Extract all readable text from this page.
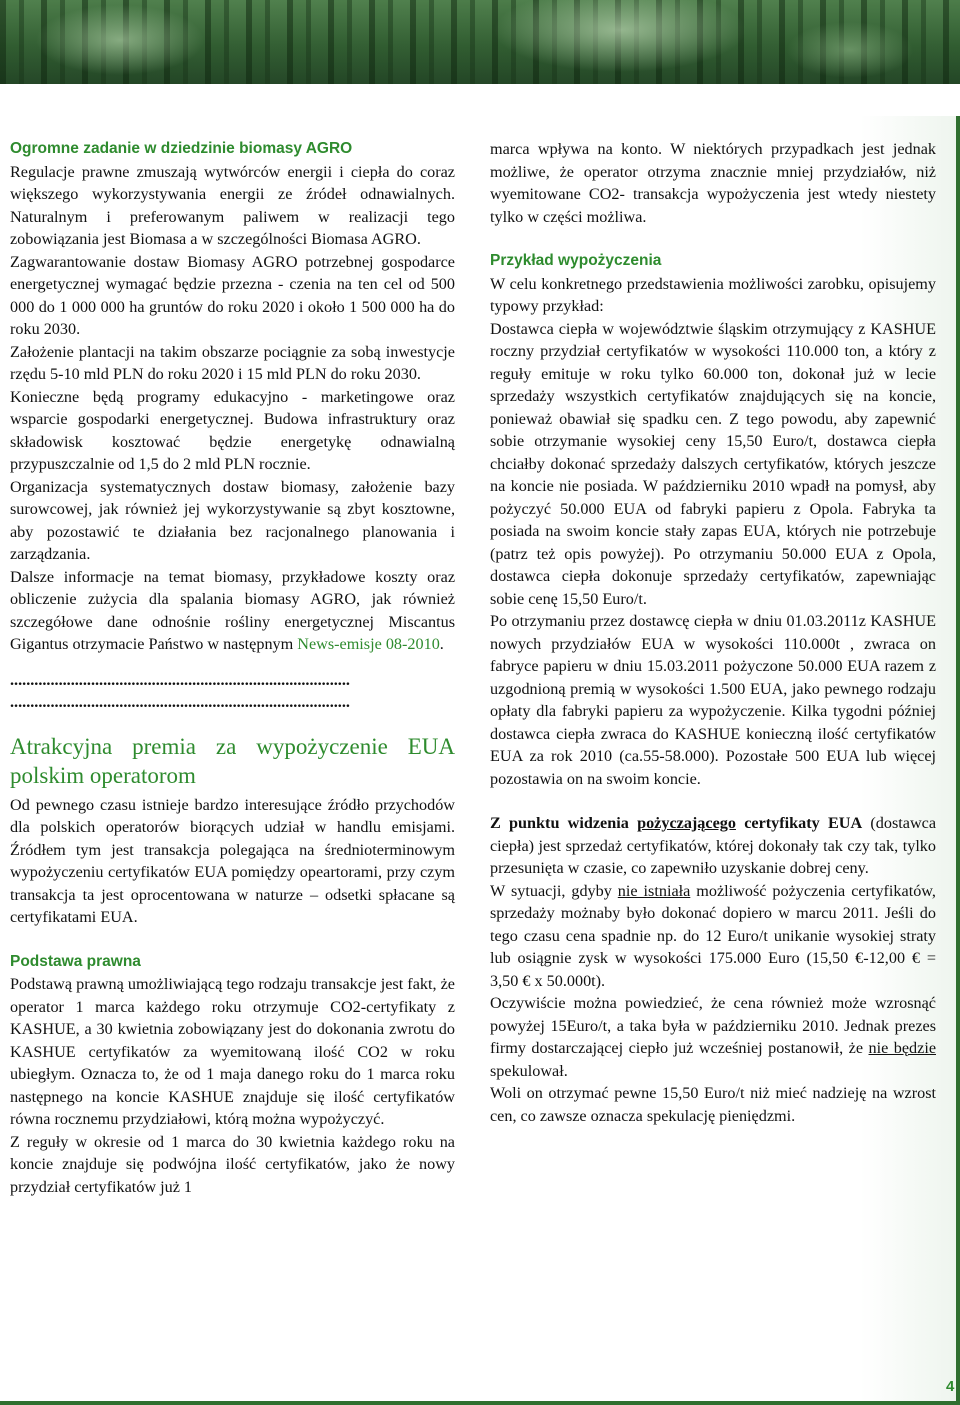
Ogromne zadanie w dziedzinie biomasy AGRO

Regulacje prawne zmuszają wytwórców energii i ciepła do coraz większego wykorzystywania energii ze źródeł odnawialnych. Naturalnym i preferowanym paliwem w realizacji tego zobowiązania jest Biomasa a w szczególności Biomasa AGRO.

Zagwarantowanie dostaw Biomasy AGRO potrzebnej gospodarce energetycznej wymagać będzie przezna - czenia na ten cel od 500 000 do 1 000 000 ha gruntów do roku 2020 i około 1 500 000 ha do roku 2030.

Założenie plantacji na takim obszarze pociągnie za sobą inwestycje rzędu 5-10 mld PLN do roku 2020 i 15 mld PLN do roku 2030.

Konieczne będą programy edukacyjno - marketingowe oraz wsparcie gospodarki energetycznej. Budowa infrastruktury oraz składowisk kosztować będzie energetykę odnawialną przypuszczalnie od 1,5 do 2 mld PLN rocznie.

Organizacja systematycznych dostaw biomasy, założenie bazy surowcowej, jak również jej wykorzystywanie są zbyt kosztowne, aby pozostawić te działania bez racjonalnego planowania i zarządzania.

Dalsze informacje na temat biomasy, przykładowe koszty oraz obliczenie zużycia dla spalania biomasy AGRO, jak również szczegółowe dane odnośnie rośliny energetycznej Miscantus Gigantus otrzymacie Państwo w następnym News-emisje 08-2010.

....................................................................................

....................................................................................

Atrakcyjna premia za wypożyczenie EUA polskim operatorom

Od pewnego czasu istnieje bardzo interesujące źródło przychodów dla polskich operatorów biorących udział w handlu emisjami. Źródłem tym jest transakcja polegająca na średnioterminowym wypożyczeniu certyfikatów EUA pomiędzy opeartorami, przy czym transakcja ta jest oprocentowana w naturze – odsetki spłacane są certyfikatami EUA.

Podstawa prawna

Podstawą prawną umożliwiającą tego rodzaju transakcje jest fakt, że operator 1 marca każdego roku otrzymuje CO2-certyfikaty z KASHUE, a 30 kwietnia zobowiązany jest do dokonania zwrotu do KASHUE certyfikatów za wyemitowaną ilość CO2 w roku ubiegłym. Oznacza to, że od 1 maja danego roku do 1 marca roku następnego na koncie KASHUE znajduje się ilość certyfikatów równa rocznemu przydziałowi, którą można wypożyczyć.

Z reguły w okresie od 1 marca do 30 kwietnia każdego roku na koncie znajduje się podwójna ilość certyfikatów, jako że nowy przydział certyfikatów już 1

marca wpływa na konto. W niektórych przypadkach jest jednak możliwe, że operator otrzyma znacznie mniej przydziałów, niż wyemitowane CO2- transakcja wypożyczenia jest wtedy niestety tylko w części możliwa.

Przykład wypożyczenia

W celu konkretnego przedstawienia możliwości zarobku, opisujemy typowy przykład:

Dostawca ciepła w województwie śląskim otrzymujący z KASHUE roczny przydział certyfikatów w wysokości 110.000 ton, a który z reguły emituje w roku tylko 60.000 ton, dokonał już w lecie sprzedaży wszystkich certyfikatów znajdujących się na koncie, ponieważ obawiał się spadku cen. Z tego powodu, aby zapewnić sobie otrzymanie wysokiej ceny 15,50 Euro/t, dostawca ciepła chciałby dokonać sprzedaży dalszych certyfikatów, których jeszcze na koncie nie posiada. W październiku 2010 wpadł na pomysł, aby pożyczyć 50.000 EUA od fabryki papieru z Opola. Fabryka ta posiada na swoim koncie stały zapas EUA, których nie potrzebuje (patrz też opis powyżej). Po otrzymaniu 50.000 EUA z Opola, dostawca ciepła dokonuje sprzedaży certyfikatów, zapewniając sobie cenę 15,50 Euro/t.

Po otrzymaniu przez dostawcę ciepła w dniu 01.03.2011z KASHUE nowych przydziałów EUA w wysokości 110.000t , zwraca on fabryce papieru w dniu 15.03.2011 pożyczone 50.000 EUA razem z uzgodnioną premią w wysokości 1.500 EUA, jako pewnego rodzaju opłaty dla fabryki papieru za wypożyczenie. Kilka tygodni później dostawca ciepła zwraca do KASHUE konieczną ilość certyfikatów EUA za rok 2010 (ca.55-58.000). Pozostałe 500 EUA lub więcej pozostawia on na swoim koncie.

Z punktu widzenia pożyczającego certyfikaty EUA (dostawca ciepła) jest sprzedaż certyfikatów, której dokonały tak czy tak, tylko przesunięta w czasie, co zapewniło uzyskanie dobrej ceny.

W sytuacji, gdyby nie istniała możliwość pożyczenia certyfikatów, sprzedaży możnaby było dokonać dopiero w marcu 2011. Jeśli do tego czasu cena spadnie np. do 12 Euro/t unikanie wysokiej straty lub osiągnie zysk w wysokości 175.000 Euro (15,50 €-12,00 € = 3,50 € x 50.000t).

Oczywiście można powiedzieć, że cena również może wzrosnąć powyżej 15Euro/t, a taka była w październiku 2010. Jednak prezes firmy dostarczającej ciepło już wcześniej postanowił, że nie będzie spekulował.

Woli on otrzymać pewne 15,50 Euro/t niż mieć nadzieję na wzrost cen, co zawsze oznacza spekulację pieniędzmi.

4
